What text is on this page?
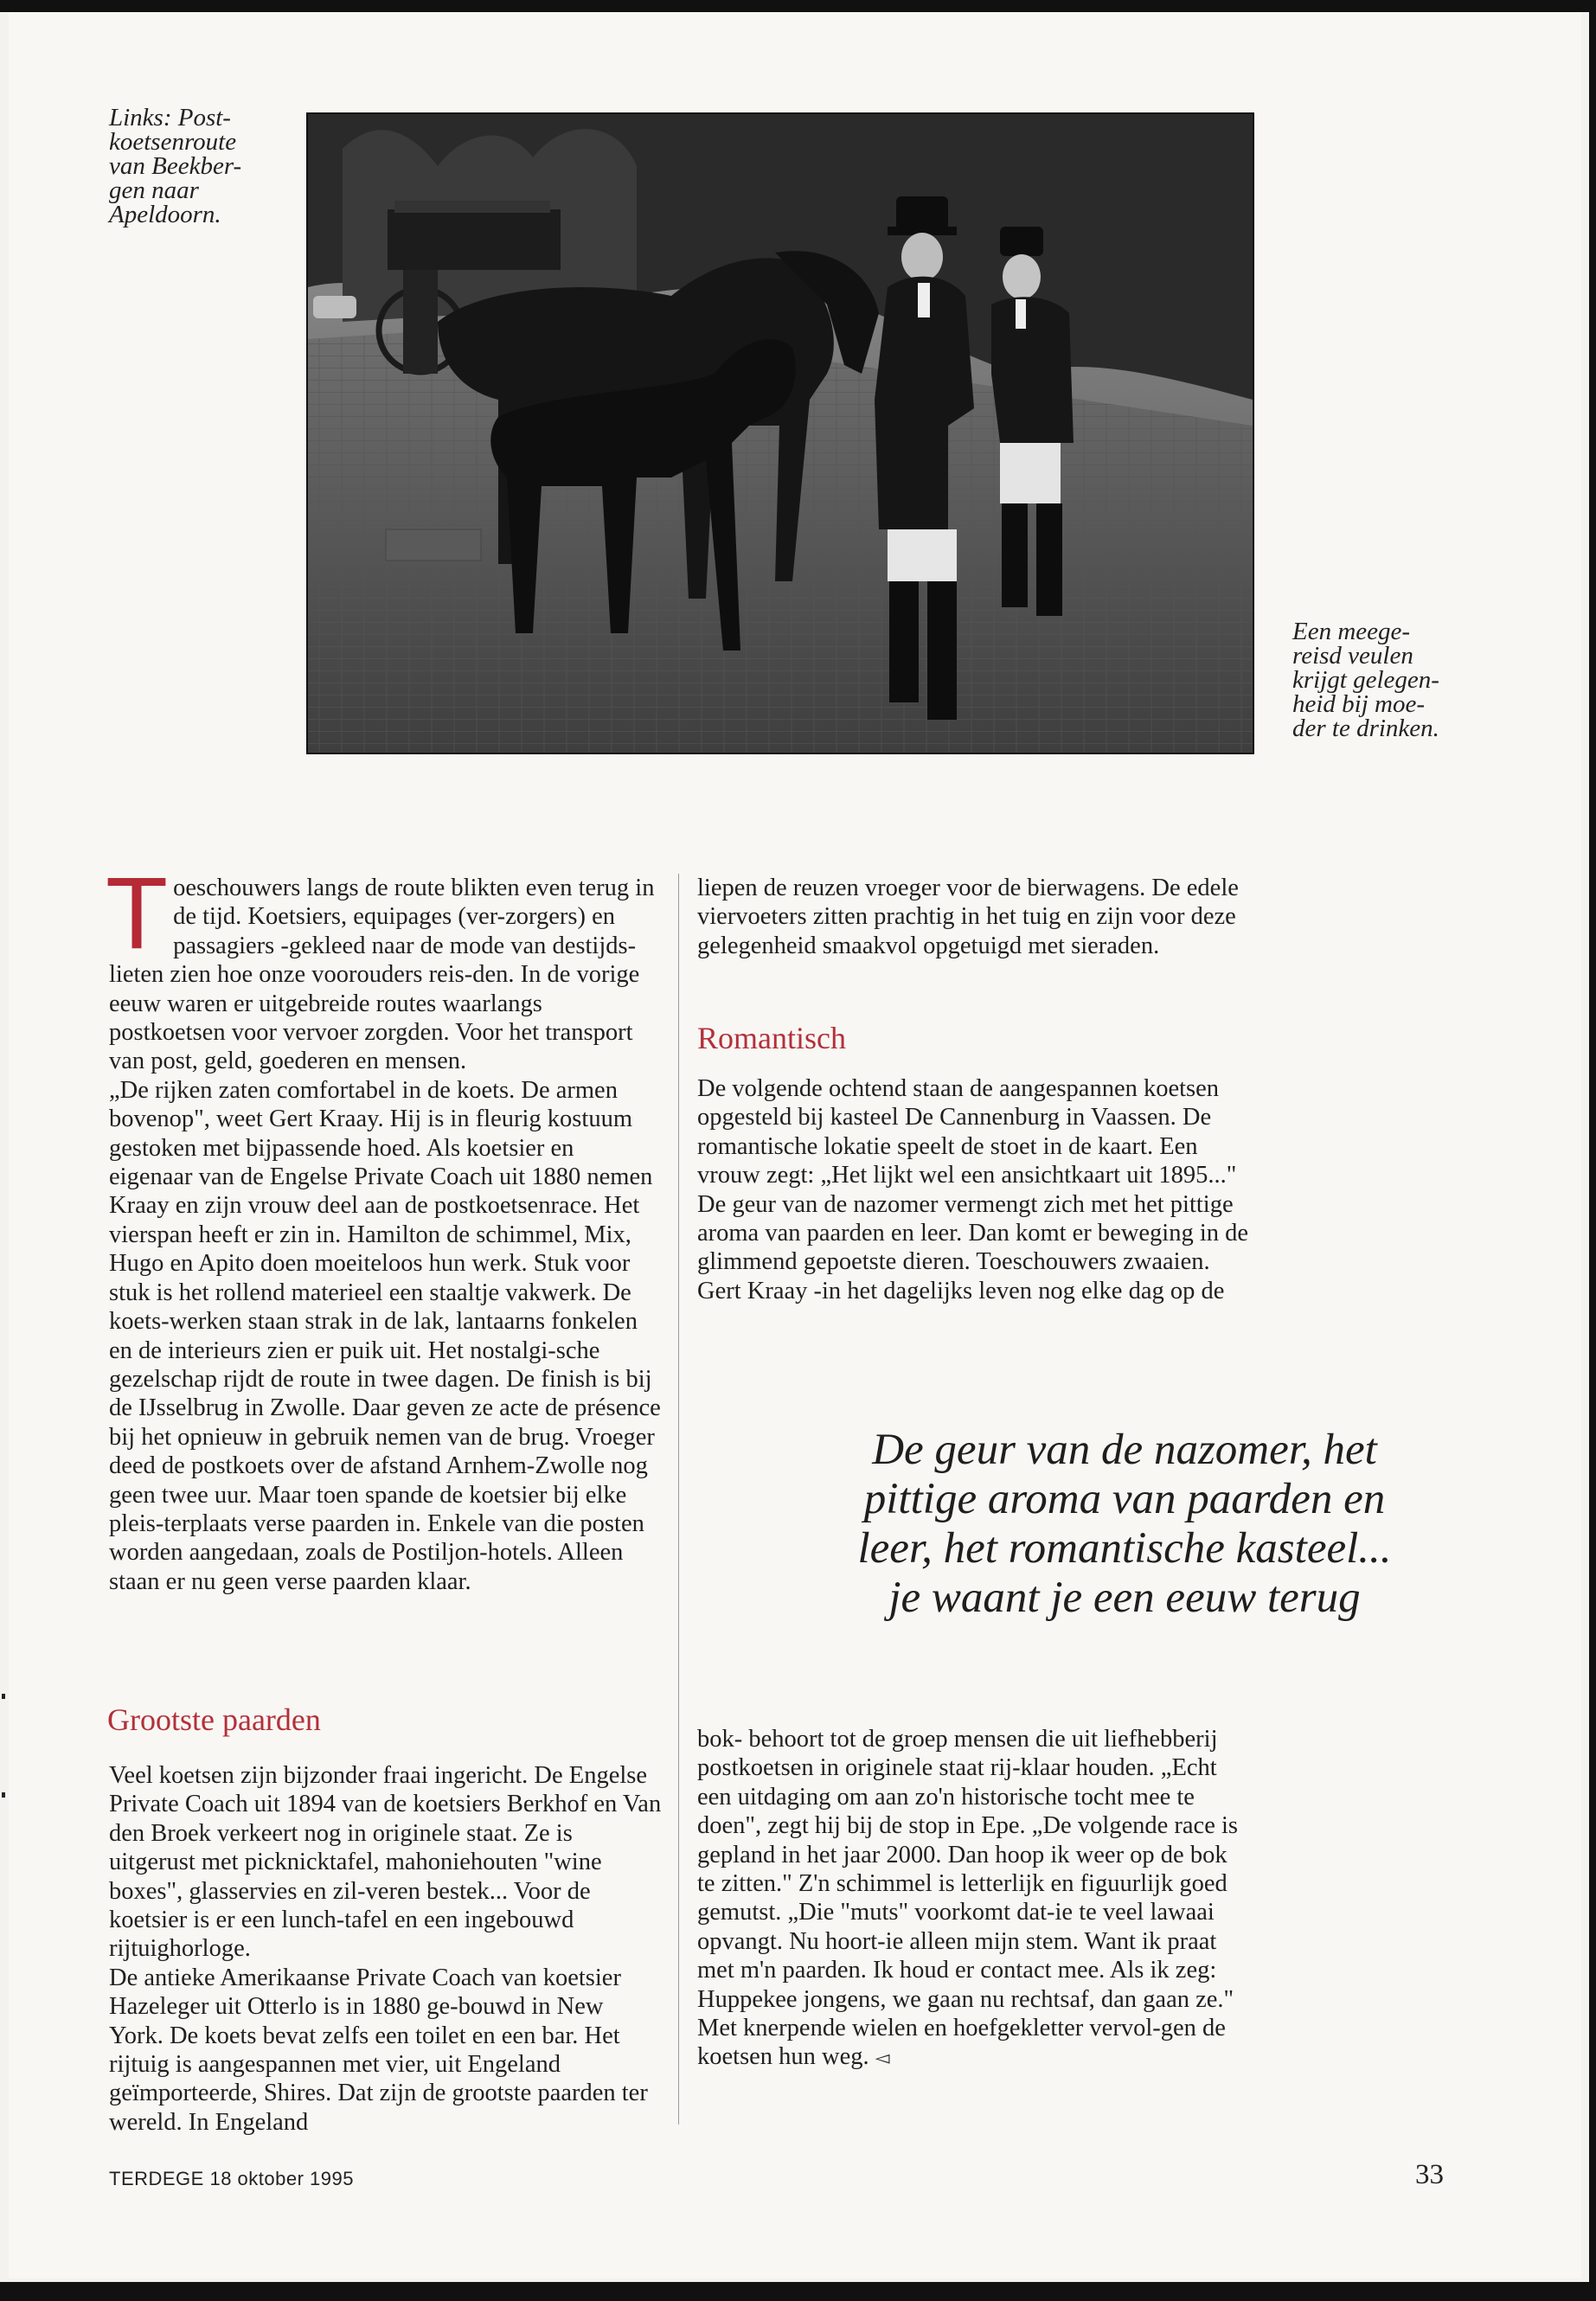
Links: Post-
koetsenroute
van Beekber-
gen naar
Apeldoorn.
Een meege-
reisd veulen
krijgt gelegen-
heid bij moe-
der te drinken.

Toeschouwers langs de route blikten even terug in de tijd. Koetsiers, equipages (ver-zorgers) en passagiers -gekleed naar de mode van destijds- lieten zien hoe onze voorouders reis-den. In de vorige eeuw waren er uitgebreide routes waarlangs postkoetsen voor vervoer zorgden. Voor het transport van post, geld, goederen en mensen.

„De rijken zaten comfortabel in de koets. De armen bovenop", weet Gert Kraay. Hij is in fleurig kostuum gestoken met bijpassende hoed. Als koetsier en eigenaar van de Engelse Private Coach uit 1880 nemen Kraay en zijn vrouw deel aan de postkoetsenrace. Het vierspan heeft er zin in. Hamilton de schimmel, Mix, Hugo en Apito doen moeiteloos hun werk. Stuk voor stuk is het rollend materieel een staaltje vakwerk. De koets-werken staan strak in de lak, lantaarns fonkelen en de interieurs zien er puik uit. Het nostalgi-sche gezelschap rijdt de route in twee dagen. De finish is bij de IJsselbrug in Zwolle. Daar geven ze acte de présence bij het opnieuw in gebruik nemen van de brug. Vroeger deed de postkoets over de afstand Arnhem-Zwolle nog geen twee uur. Maar toen spande de koetsier bij elke pleis-terplaats verse paarden in. Enkele van die posten worden aangedaan, zoals de Postiljon-hotels. Alleen staan er nu geen verse paarden klaar.

Grootste paarden

Veel koetsen zijn bijzonder fraai ingericht. De Engelse Private Coach uit 1894 van de koetsiers Berkhof en Van den Broek verkeert nog in originele staat. Ze is uitgerust met picknicktafel, mahoniehouten "wine boxes", glasservies en zil-veren bestek... Voor de koetsier is er een lunch-tafel en een ingebouwd rijtuighorloge.

De antieke Amerikaanse Private Coach van koetsier Hazeleger uit Otterlo is in 1880 ge-bouwd in New York. De koets bevat zelfs een toilet en een bar. Het rijtuig is aangespannen met vier, uit Engeland geïmporteerde, Shires. Dat zijn de grootste paarden ter wereld. In Engeland

liepen de reuzen vroeger voor de bierwagens. De edele viervoeters zitten prachtig in het tuig en zijn voor deze gelegenheid smaakvol opgetuigd met sieraden.

Romantisch

De volgende ochtend staan de aangespannen koetsen opgesteld bij kasteel De Cannenburg in Vaassen. De romantische lokatie speelt de stoet in de kaart. Een vrouw zegt: „Het lijkt wel een ansichtkaart uit 1895..." De geur van de nazomer vermengt zich met het pittige aroma van paarden en leer. Dan komt er beweging in de glimmend gepoetste dieren. Toeschouwers zwaaien. Gert Kraay -in het dagelijks leven nog elke dag op de

De geur van de nazomer, het
pittige aroma van paarden en
leer, het romantische kasteel...
je waant je een eeuw terug

bok- behoort tot de groep mensen die uit liefhebberij postkoetsen in originele staat rij-klaar houden. „Echt een uitdaging om aan zo'n historische tocht mee te doen", zegt hij bij de stop in Epe. „De volgende race is gepland in het jaar 2000. Dan hoop ik weer op de bok te zitten." Z'n schimmel is letterlijk en figuurlijk goed gemutst. „Die "muts" voorkomt dat-ie te veel lawaai opvangt. Nu hoort-ie alleen mijn stem. Want ik praat met m'n paarden. Ik houd er contact mee. Als ik zeg: Huppekee jongens, we gaan nu rechtsaf, dan gaan ze."

Met knerpende wielen en hoefgekletter vervol-gen de koetsen hun weg. ◅

TERDEGE 18 oktober 1995	33
